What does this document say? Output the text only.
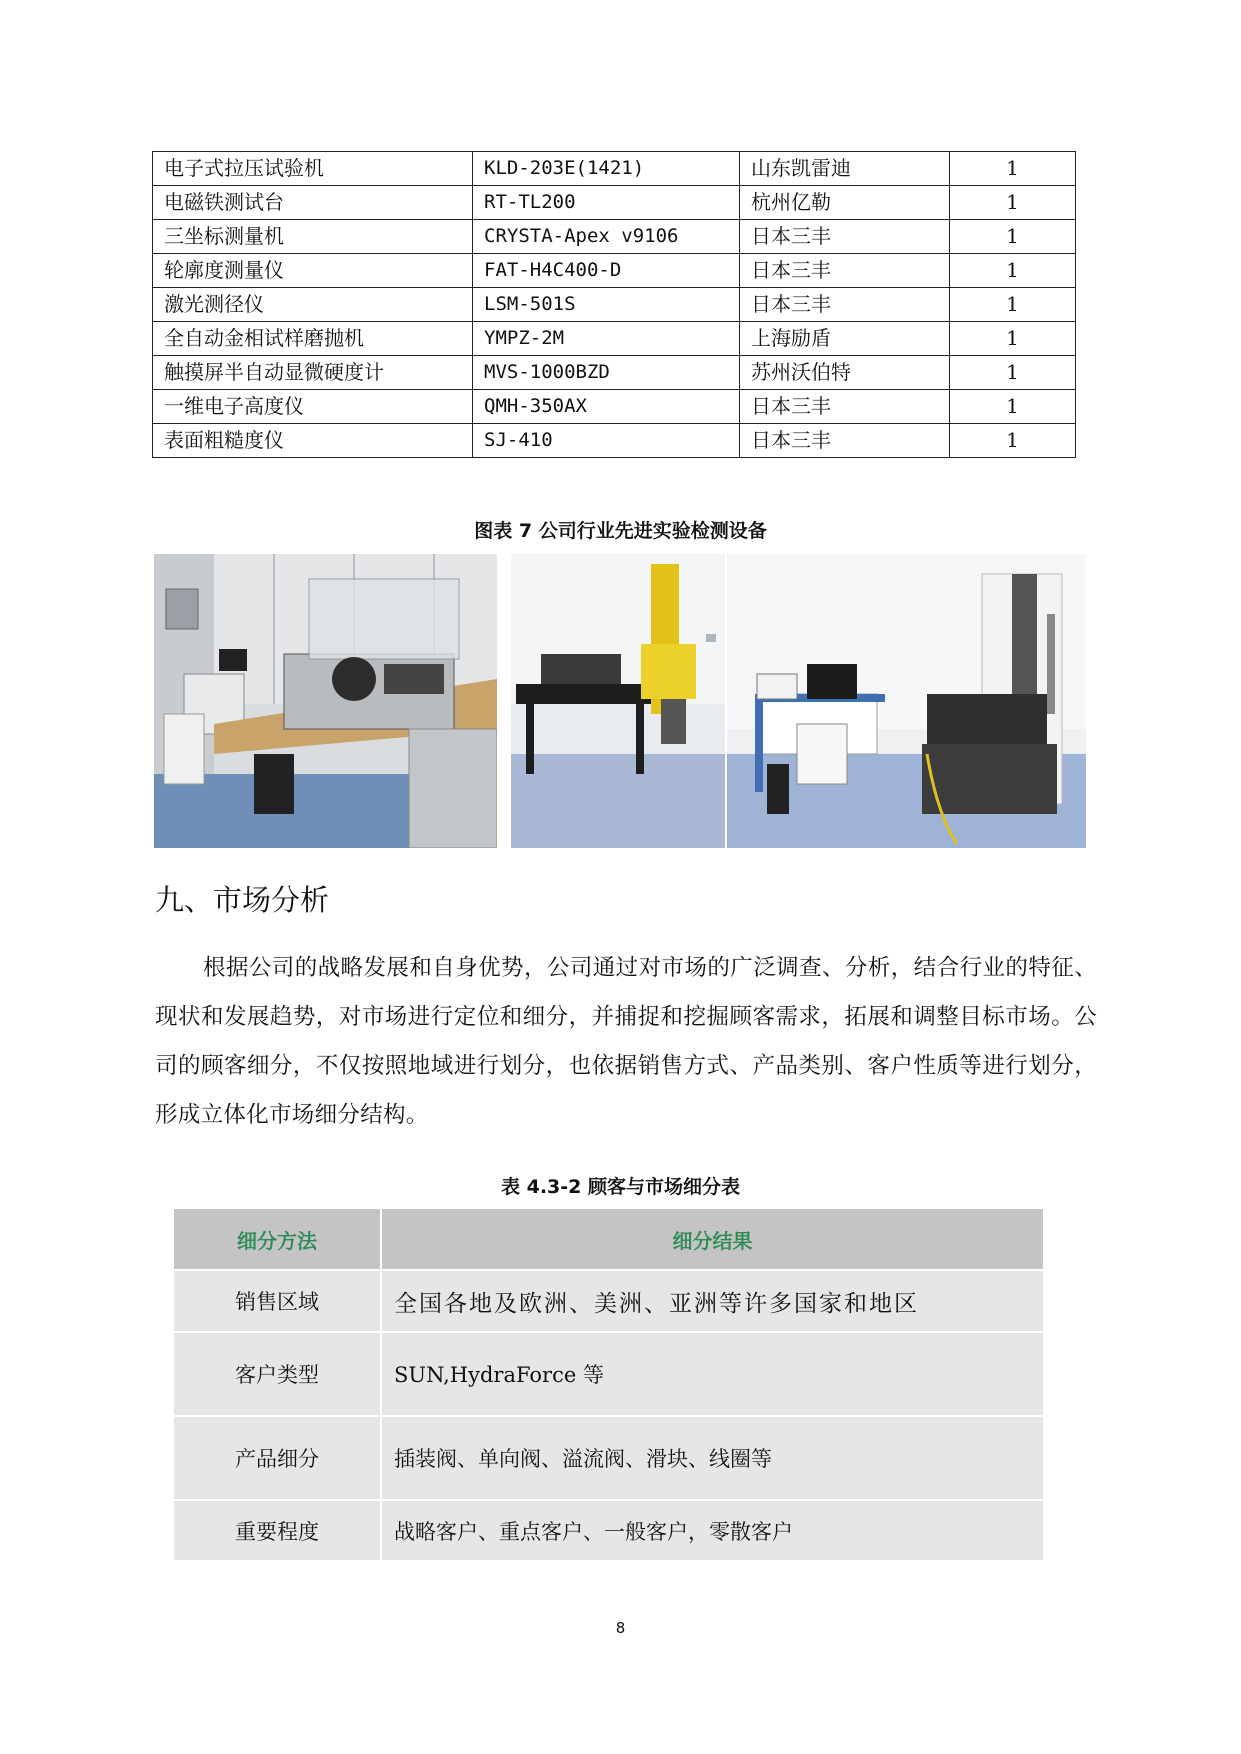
电子式拉压试验机	KLD-203E(1421)	山东凯雷迪	1
电磁铁测试台	RT-TL200	杭州亿勒	1
三坐标测量机	CRYSTA-Apex v9106	日本三丰	1
轮廓度测量仪	FAT-H4C400-D	日本三丰	1
激光测径仪	LSM-501S	日本三丰	1
全自动金相试样磨抛机	YMPZ-2M	上海励盾	1
触摸屏半自动显微硬度计	MVS-1000BZD	苏州沃伯特	1
一维电子高度仪	QMH-350AX	日本三丰	1
表面粗糙度仪	SJ-410	日本三丰	1
图表 7 公司行业先进实验检测设备
九、市场分析

根据公司的战略发展和自身优势，公司通过对市场的广泛调查、分析，结合行业的特征、现状和发展趋势，对市场进行定位和细分，并捕捉和挖掘顾客需求，拓展和调整目标市场。公司的顾客细分，不仅按照地域进行划分，也依据销售方式、产品类别、客户性质等进行划分，形成立体化市场细分结构。

表 4.3-2 顾客与市场细分表
细分方法	细分结果
销售区域	全国各地及欧洲、美洲、亚洲等许多国家和地区
客户类型	SUN,HydraForce 等
产品细分	插装阀、单向阀、溢流阀、滑块、线圈等
重要程度	战略客户、重点客户、一般客户，零散客户
8
